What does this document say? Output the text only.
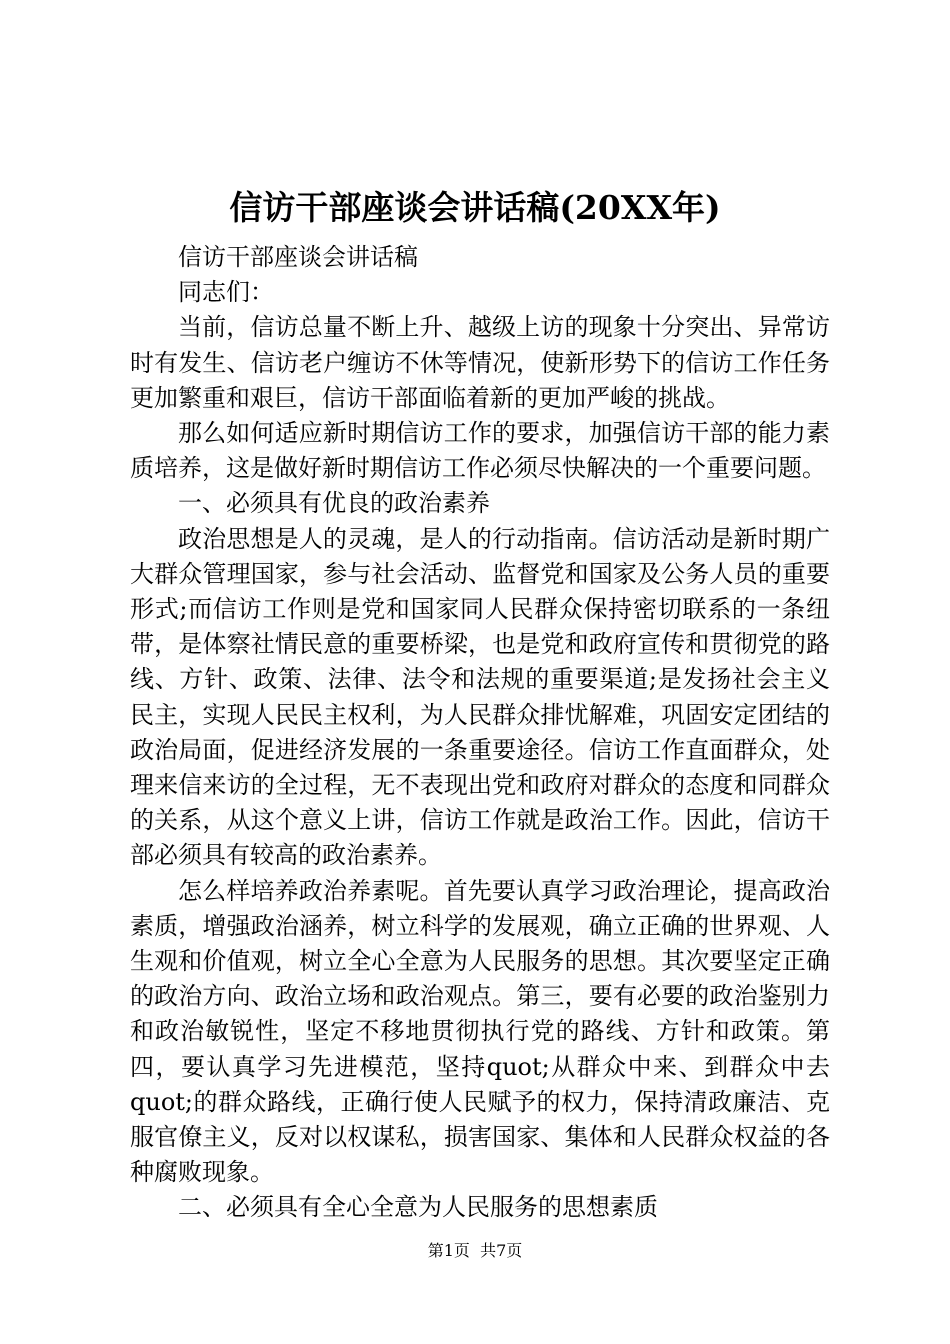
信访干部座谈会讲话稿(20XX年)

信访干部座谈会讲话稿

同志们：

当前，信访总量不断上升、越级上访的现象十分突出、异常访时有发生、信访老户缠访不休等情况，使新形势下的信访工作任务更加繁重和艰巨，信访干部面临着新的更加严峻的挑战。

那么如何适应新时期信访工作的要求，加强信访干部的能力素质培养，这是做好新时期信访工作必须尽快解决的一个重要问题。

一、必须具有优良的政治素养

政治思想是人的灵魂，是人的行动指南。信访活动是新时期广大群众管理国家，参与社会活动、监督党和国家及公务人员的重要形式;而信访工作则是党和国家同人民群众保持密切联系的一条纽带，是体察社情民意的重要桥梁，也是党和政府宣传和贯彻党的路线、方针、政策、法律、法令和法规的重要渠道;是发扬社会主义民主，实现人民民主权利，为人民群众排忧解难，巩固安定团结的政治局面，促进经济发展的一条重要途径。信访工作直面群众，处理来信来访的全过程，无不表现出党和政府对群众的态度和同群众的关系，从这个意义上讲，信访工作就是政治工作。因此，信访干部必须具有较高的政治素养。

怎么样培养政治养素呢。首先要认真学习政治理论，提高政治素质，增强政治涵养，树立科学的发展观，确立正确的世界观、人生观和价值观，树立全心全意为人民服务的思想。其次要坚定正确的政治方向、政治立场和政治观点。第三，要有必要的政治鉴别力和政治敏锐性，坚定不移地贯彻执行党的路线、方针和政策。第四，要认真学习先进模范，坚持quot;从群众中来、到群众中去quot;的群众路线，正确行使人民赋予的权力，保持清政廉洁、克服官僚主义，反对以权谋私，损害国家、集体和人民群众权益的各种腐败现象。

二、必须具有全心全意为人民服务的思想素质

第1页  共7页
